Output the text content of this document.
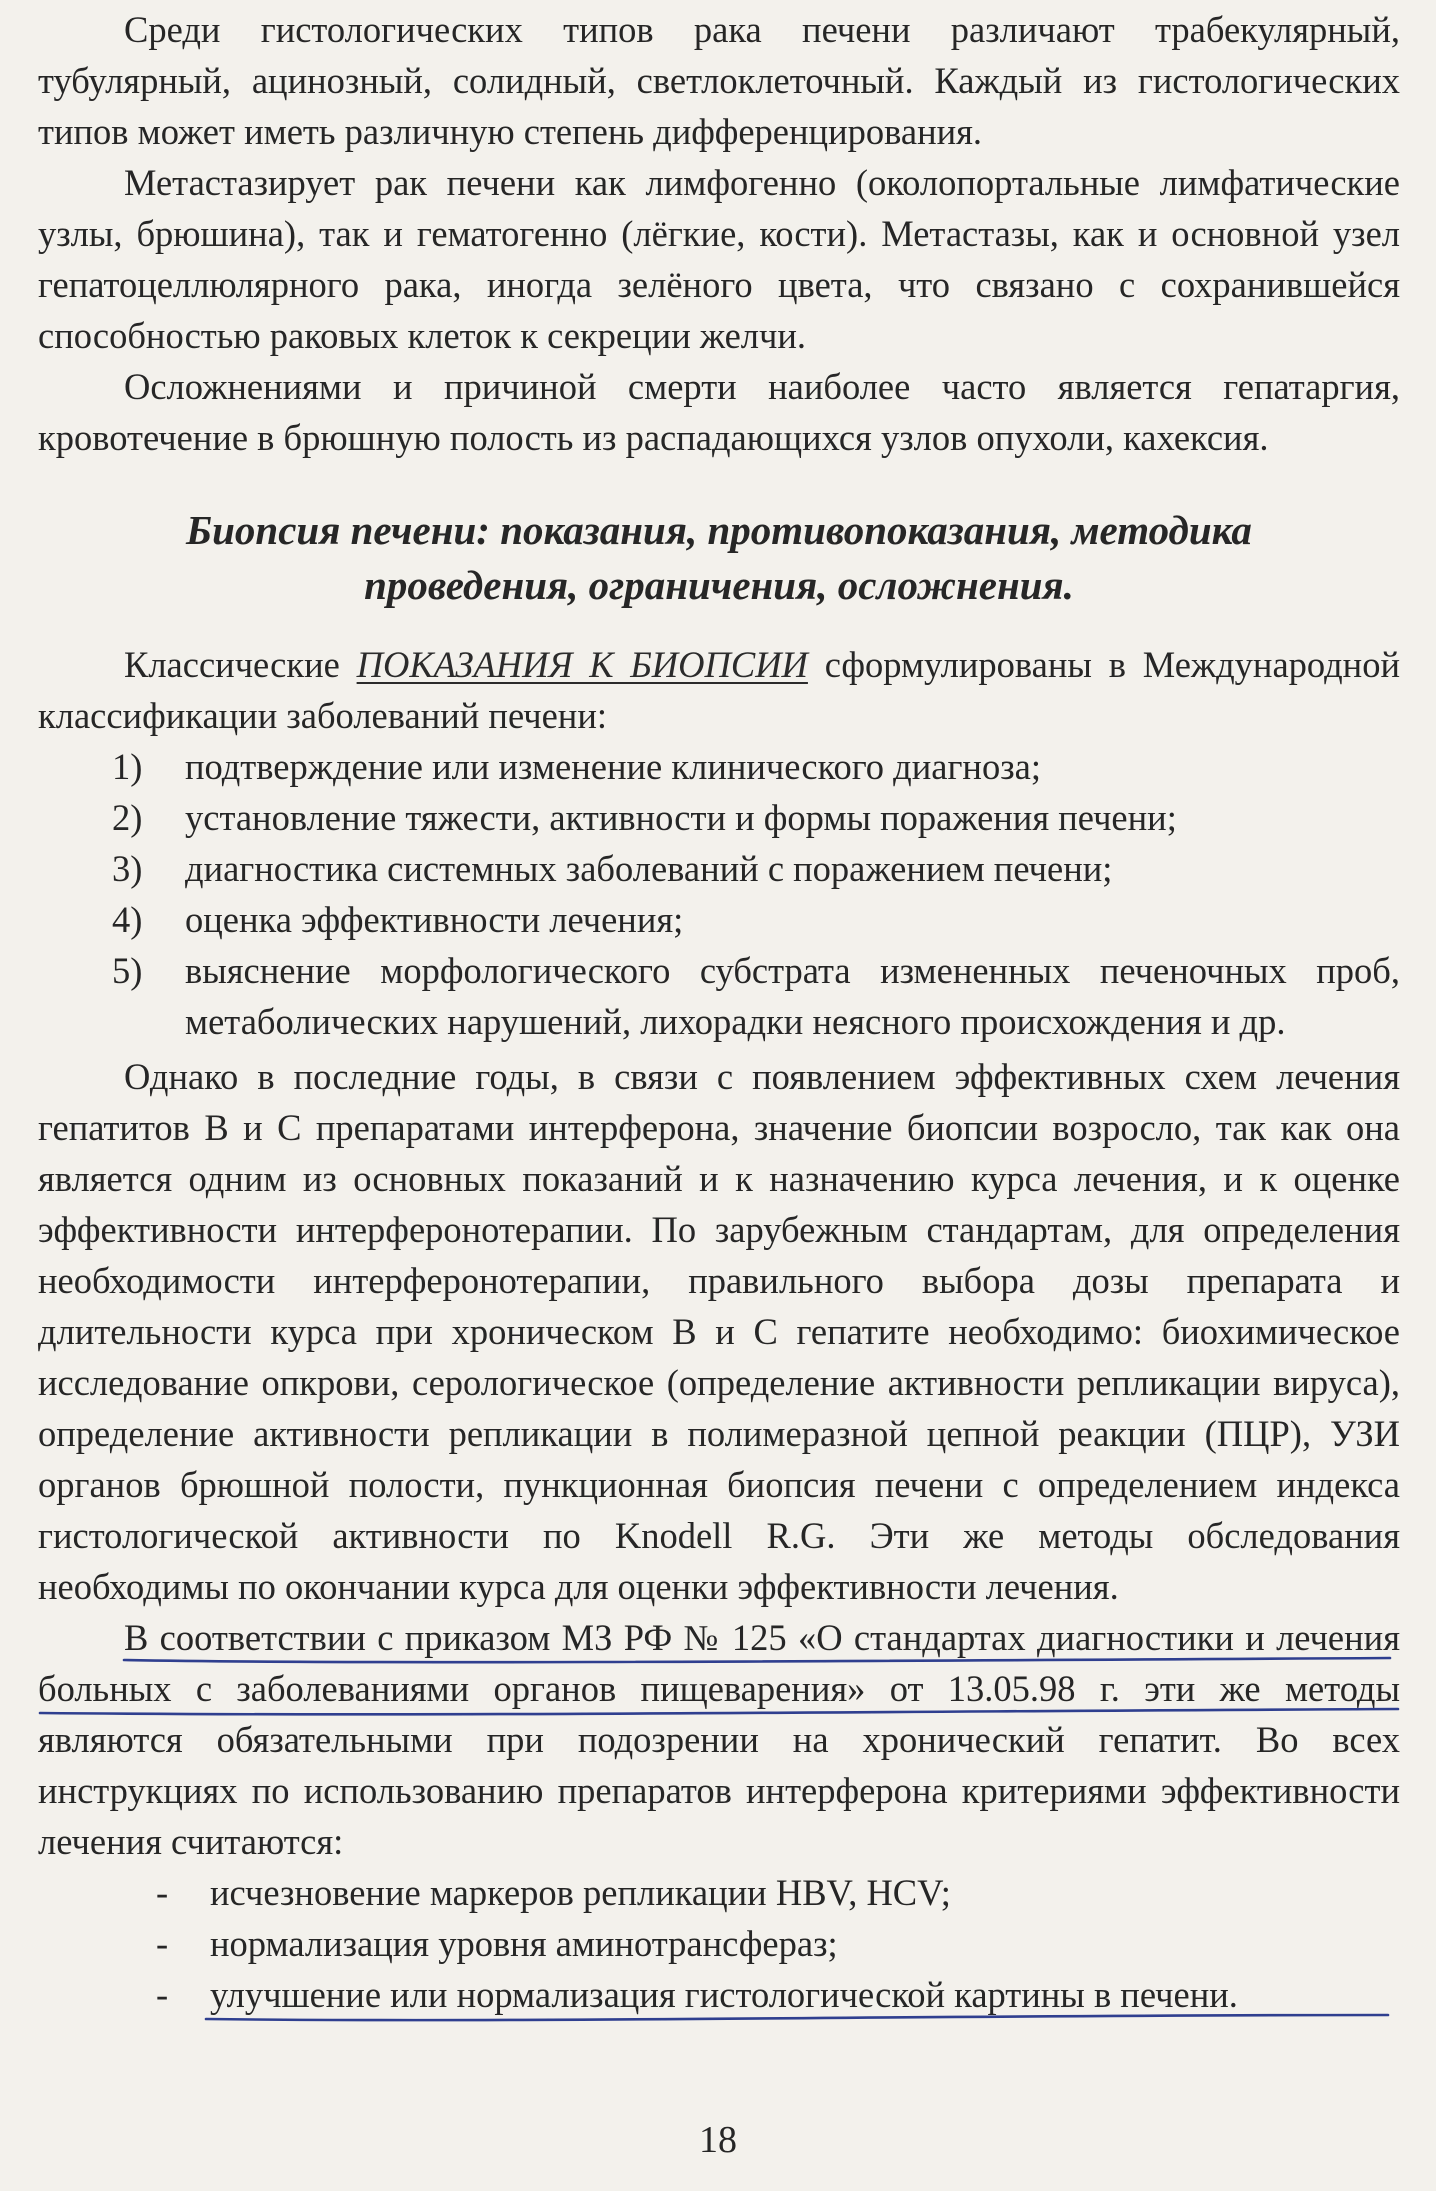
Среди гистологических типов рака печени различают трабекулярный, тубулярный, ацинозный, солидный, светлоклеточный. Каждый из гистологических типов может иметь различную степень дифференцирования.

Метастазирует рак печени как лимфогенно (околопортальные лимфатические узлы, брюшина), так и гематогенно (лёгкие, кости). Метастазы, как и основной узел гепатоцеллюлярного рака, иногда зелёного цвета, что связано с сохранившейся способностью раковых клеток к секреции желчи.

Осложнениями и причиной смерти наиболее часто является гепатаргия, кровотечение в брюшную полость из распадающихся узлов опухоли, кахексия.

Биопсия печени: показания, противопоказания, методика проведения, ограничения, осложнения.

Классические ПОКАЗАНИЯ К БИОПСИИ сформулированы в Международной классификации заболеваний печени:

1) подтверждение или изменение клинического диагноза;
2) установление тяжести, активности и формы поражения печени;
3) диагностика системных заболеваний с поражением печени;
4) оценка эффективности лечения;
5) выяснение морфологического субстрата измененных печеночных проб, метаболических нарушений, лихорадки неясного происхождения и др.

Однако в последние годы, в связи с появлением эффективных схем лечения гепатитов В и С препаратами интерферона, значение биопсии возросло, так как она является одним из основных показаний и к назначению курса лечения, и к оценке эффективности интерферонотерапии. По зарубежным стандартам, для определения необходимости интерферонотерапии, правильного выбора дозы препарата и длительности курса при хроническом В и С гепатите необходимо: биохимическое исследование опкрови, серологическое (определение активности репликации вируса), определение активности репликации в полимеразной цепной реакции (ПЦР), УЗИ органов брюшной полости, пункционная биопсия печени с определением индекса гистологической активности по Knodell R.G. Эти же методы обследования необходимы по окончании курса для оценки эффективности лечения.

В соответствии с приказом МЗ РФ № 125 «О стандартах диагностики и лечения больных с заболеваниями органов пищеварения» от 13.05.98 г. эти же методы являются обязательными при подозрении на хронический гепатит. Во всех инструкциях по использованию препаратов интерферона критериями эффективности лечения считаются:

- исчезновение маркеров репликации HBV, HCV;
- нормализация уровня аминотрансфераз;
- улучшение или нормализация гистологической картины в печени.
18
